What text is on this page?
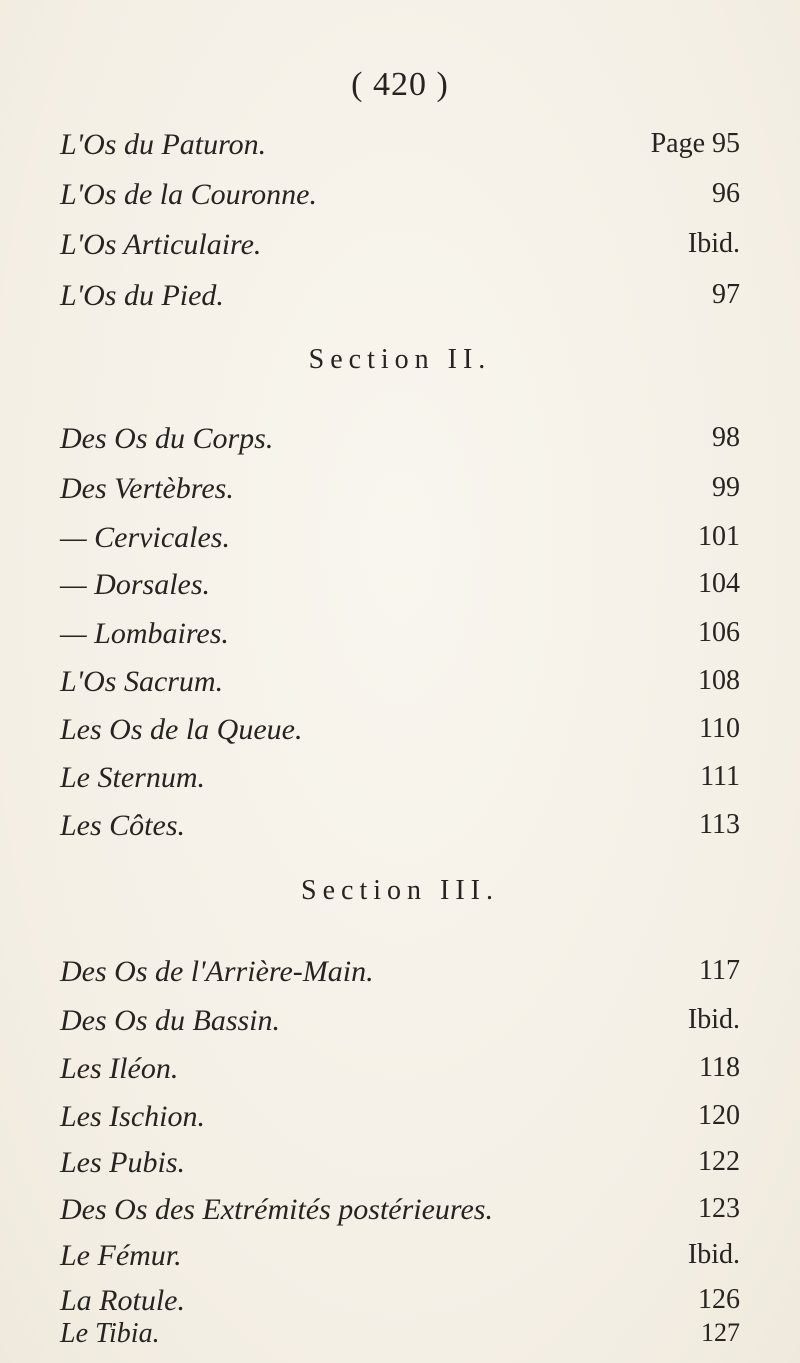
( 420 )
L'Os du Paturon.	Page 95
L'Os de la Couronne.	96
L'Os Articulaire.	Ibid.
L'Os du Pied.	97
Section II.
Des Os du Corps.	98
Des Vertèbres.	99
— Cervicales.	101
— Dorsales.	104
— Lombaires.	106
L'Os Sacrum.	108
Les Os de la Queue.	110
Le Sternum.	111
Les Côtes.	113
Section III.
Des Os de l'Arrière-Main.	117
Des Os du Bassin.	Ibid.
Les Iléon.	118
Les Ischion.	120
Les Pubis.	122
Des Os des Extrémités postérieures.	123
Le Fémur.	Ibid.
La Rotule.	126
Le Tibia.	127
